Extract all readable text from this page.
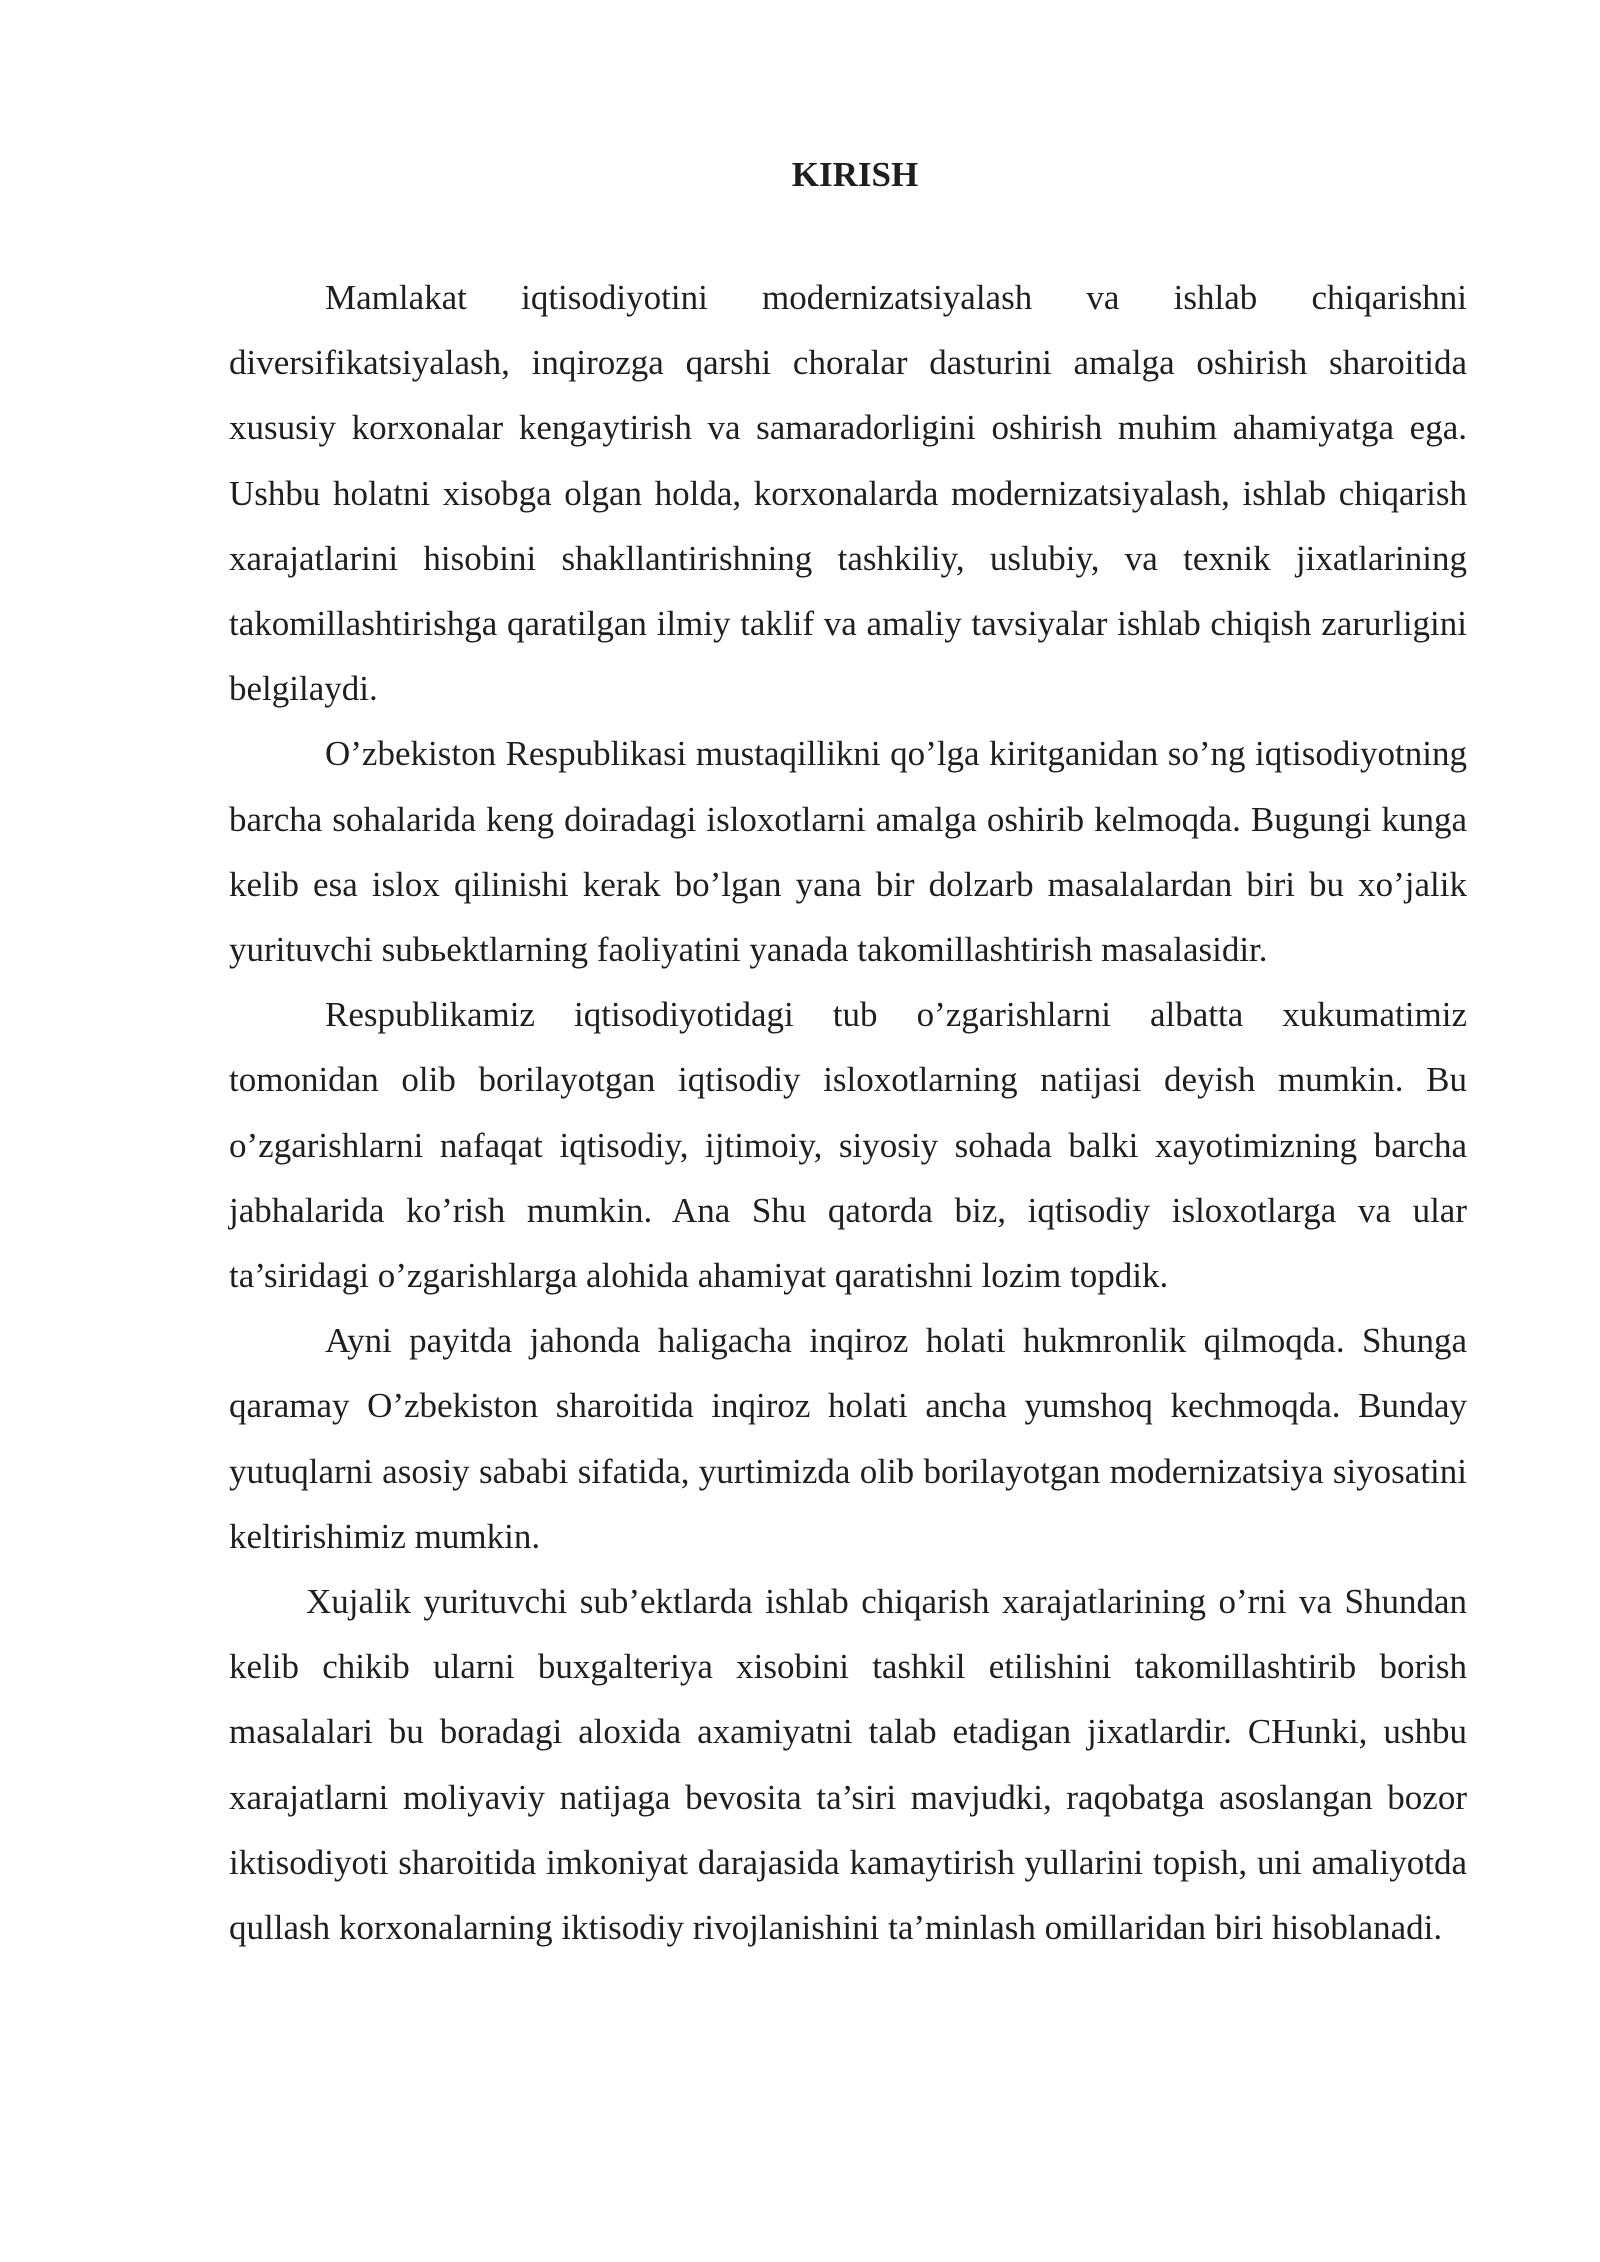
KIRISH

Mamlakat iqtisodiyotini modernizatsiyalash va ishlab chiqarishni diversifikatsiyalash, inqirozga qarshi choralar dasturini amalga oshirish sharoitida xususiy korxonalar kengaytirish va samaradorligini oshirish muhim ahamiyatga ega. Ushbu holatni xisobga olgan holda, korxonalarda modernizatsiyalash, ishlab chiqarish xarajatlarini hisobini shakllantirishning tashkiliy, uslubiy, va texnik jixatlarining takomillashtirishga qaratilgan ilmiy taklif va amaliy tavsiyalar ishlab chiqish zarurligini belgilaydi.

O’zbekiston Respublikasi mustaqillikni qo’lga kiritganidan so’ng iqtisodiyotning barcha sohalarida keng doiradagi isloxotlarni amalga oshirib kelmoqda. Bugungi kunga kelib esa islox qilinishi kerak bo’lgan yana bir dolzarb masalalardan biri bu xo’jalik yurituvchi subьektlarning faoliyatini yanada takomillashtirish masalasidir.

Respublikamiz iqtisodiyotidagi tub o’zgarishlarni albatta xukumatimiz tomonidan olib borilayotgan iqtisodiy isloxotlarning natijasi deyish mumkin. Bu o’zgarishlarni nafaqat iqtisodiy, ijtimoiy, siyosiy sohada balki xayotimizning barcha jabhalarida ko’rish mumkin. Ana Shu qatorda biz, iqtisodiy isloxotlarga va ular ta’siridagi o’zgarishlarga alohida ahamiyat qaratishni lozim topdik.

Ayni payitda jahonda haligacha inqiroz holati hukmronlik qilmoqda. Shunga qaramay O’zbekiston sharoitida inqiroz holati ancha yumshoq kechmoqda. Bunday yutuqlarni asosiy sababi sifatida, yurtimizda olib borilayotgan modernizatsiya siyosatini keltirishimiz mumkin.

Xujalik yurituvchi sub’ektlarda ishlab chiqarish xarajatlarining o’rni va Shundan kelib chikib ularni buxgalteriya xisobini tashkil etilishini takomillashtirib borish masalalari bu boradagi aloxida axamiyatni talab etadigan jixatlardir. CHunki, ushbu xarajatlarni moliyaviy natijaga bevosita ta’siri mavjudki, raqobatga asoslangan bozor iktisodiyoti sharoitida imkoniyat darajasida kamaytirish yullarini topish, uni amaliyotda qullash korxonalarning iktisodiy rivojlanishini ta’minlash omillaridan biri hisoblanadi.
